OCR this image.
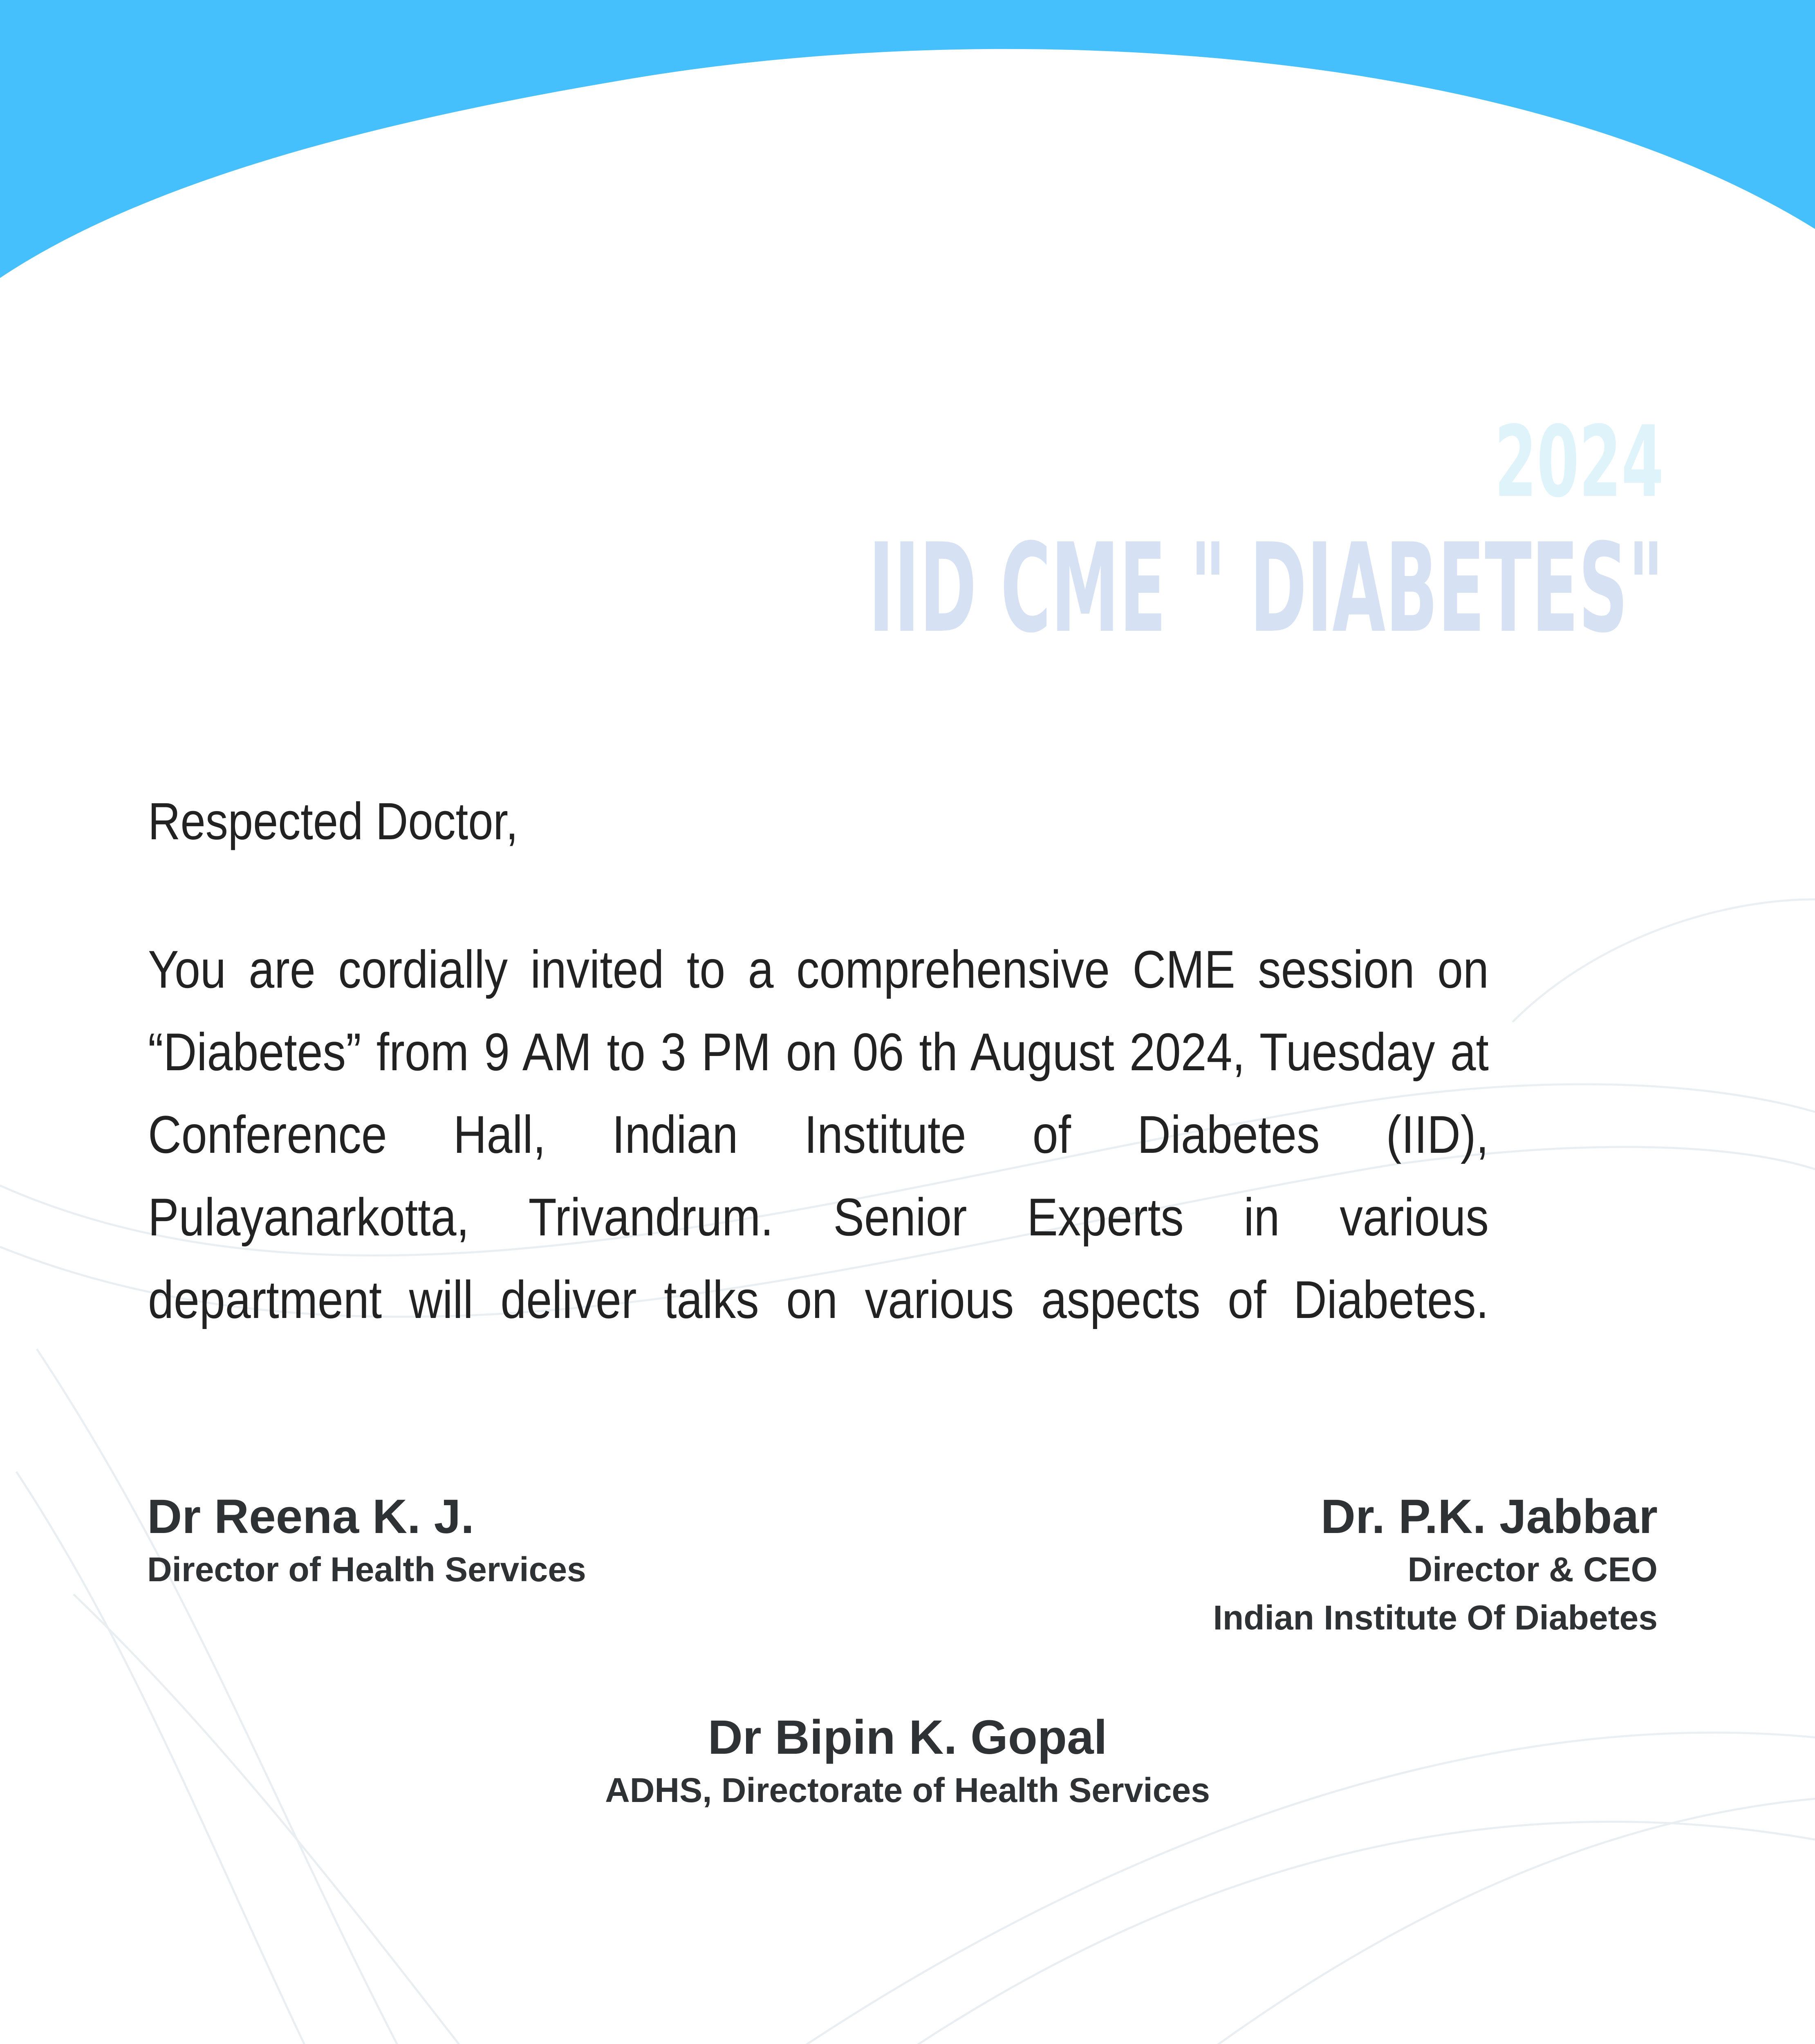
2024
IID CME " DIABETES"
Respected Doctor,
You are cordially invited to a comprehensive CME session on “Diabetes” from 9 AM to 3 PM on 06 th August 2024, Tuesday at Conference Hall, Indian Institute of Diabetes (IID), Pulayanarkotta, Trivandrum. Senior Experts in various department will deliver talks on various aspects of Diabetes.
Dr Reena K. J.
Director of Health Services
Dr. P.K. Jabbar
Director & CEO
Indian Institute Of Diabetes
Dr Bipin K. Gopal
ADHS, Directorate of Health Services
